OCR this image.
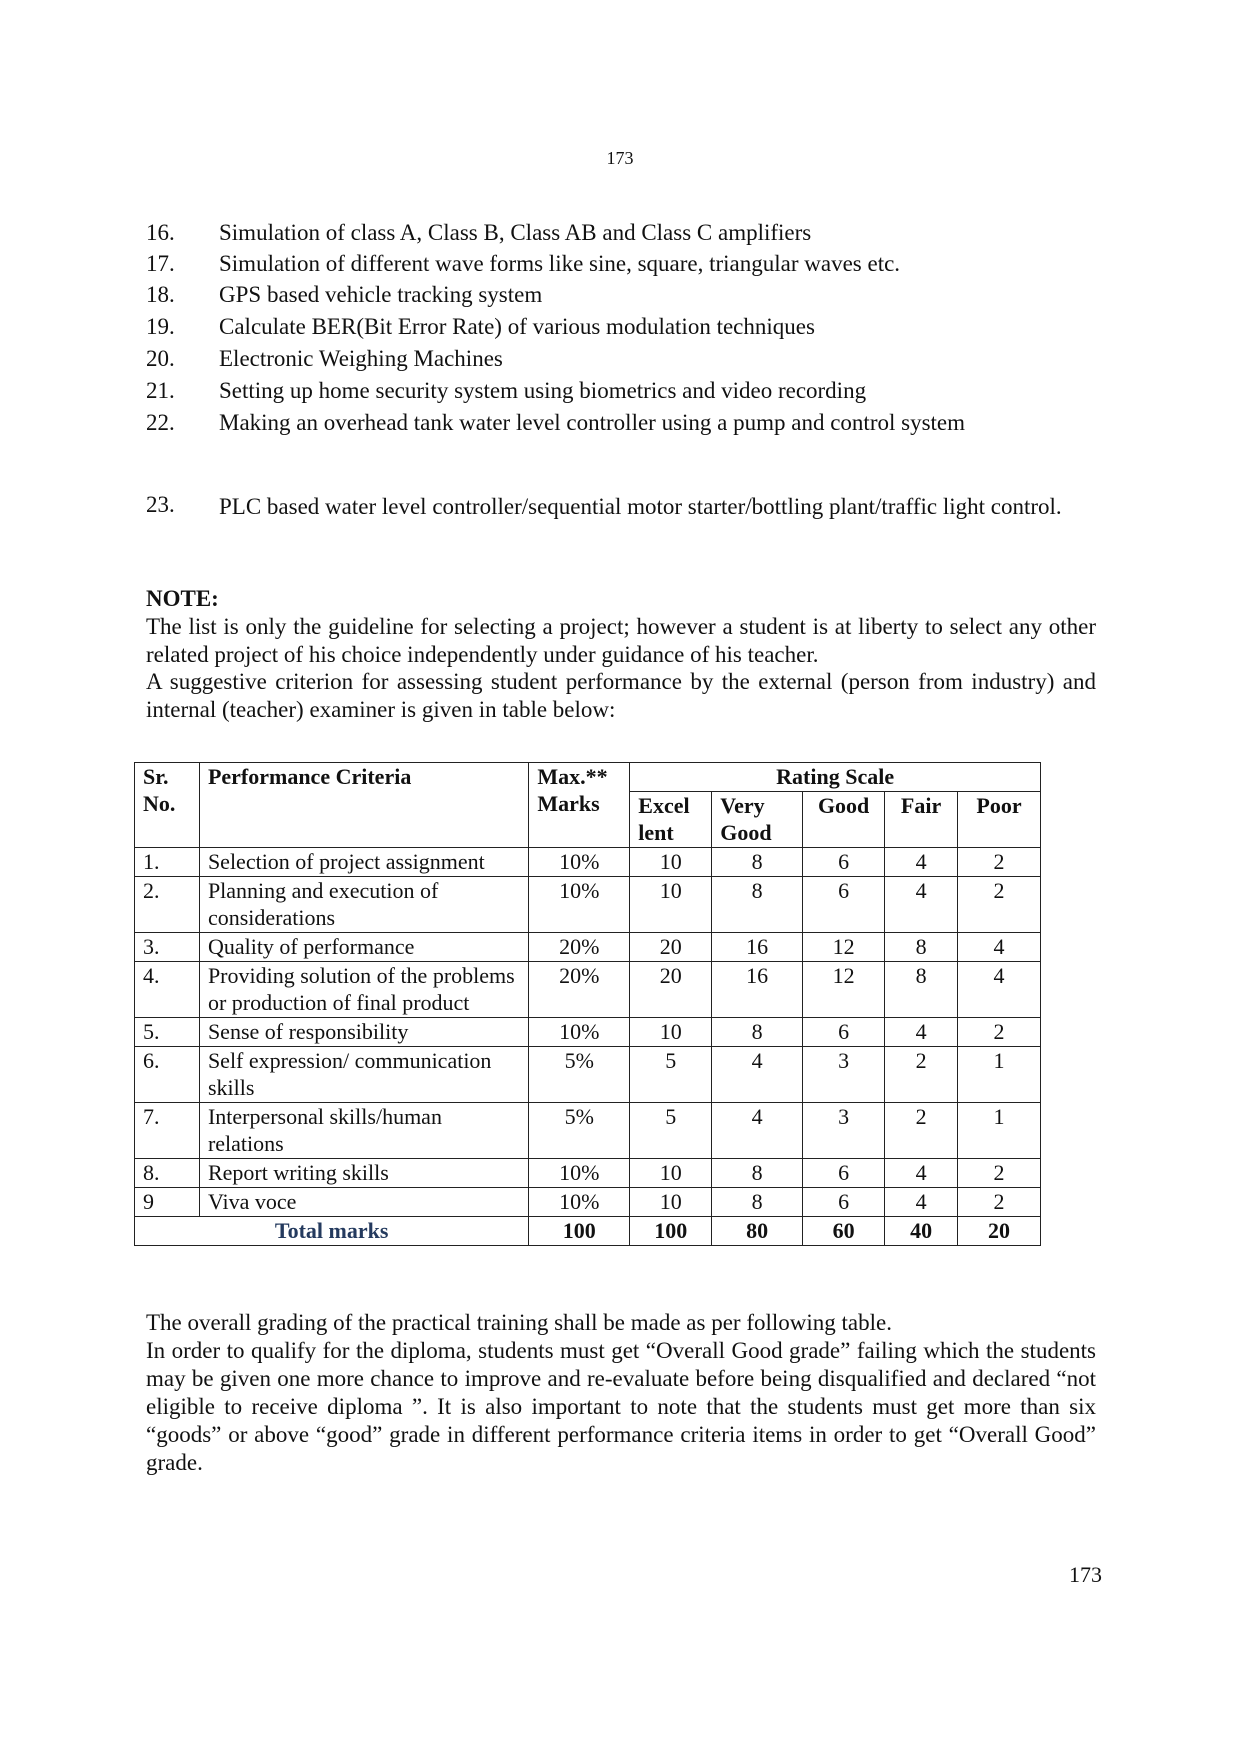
173
16.	Simulation of class A, Class B, Class AB and Class C amplifiers
17.	Simulation of different wave forms like sine, square, triangular waves etc.
18.	GPS based vehicle tracking system
19.	Calculate BER(Bit Error Rate) of various modulation techniques
20.	Electronic Weighing Machines
21.	Setting up home security system using biometrics and video recording
22.	Making an overhead tank water level controller using a pump and control system
23.	PLC based water level controller/sequential motor starter/bottling plant/traffic light control.
NOTE:

The list is only the guideline for selecting a project; however a student is at liberty to select any other related project of his choice independently under guidance of his teacher.

A suggestive criterion for assessing student performance by the external (person from industry) and internal (teacher) examiner is given in table below:

Sr.
No.	Performance Criteria	Max.**
Marks	Rating Scale				
			Excel
lent	Very
Good	Good	Fair	Poor
1.	Selection of project assignment	10%	10	8	6	4	2
2.	Planning and execution of considerations	10%	10	8	6	4	2
3.	Quality of performance	20%	20	16	12	8	4
4.	Providing solution of the problems or production of final product	20%	20	16	12	8	4
5.	Sense of responsibility	10%	10	8	6	4	2
6.	Self expression/ communication skills	5%	5	4	3	2	1
7.	Interpersonal skills/human relations	5%	5	4	3	2	1
8.	Report writing skills	10%	10	8	6	4	2
9	Viva voce	10%	10	8	6	4	2
Total marks		100	100	80	60	40	20

The overall grading of the practical training shall be made as per following table.

In order to qualify for the diploma, students must get “Overall Good grade” failing which the students may be given one more chance to improve and re-evaluate before being disqualified and declared “not eligible to receive diploma ”. It is also important to note that the students must get more than six “goods” or above “good” grade in different performance criteria items in order to get “Overall Good” grade.

173
